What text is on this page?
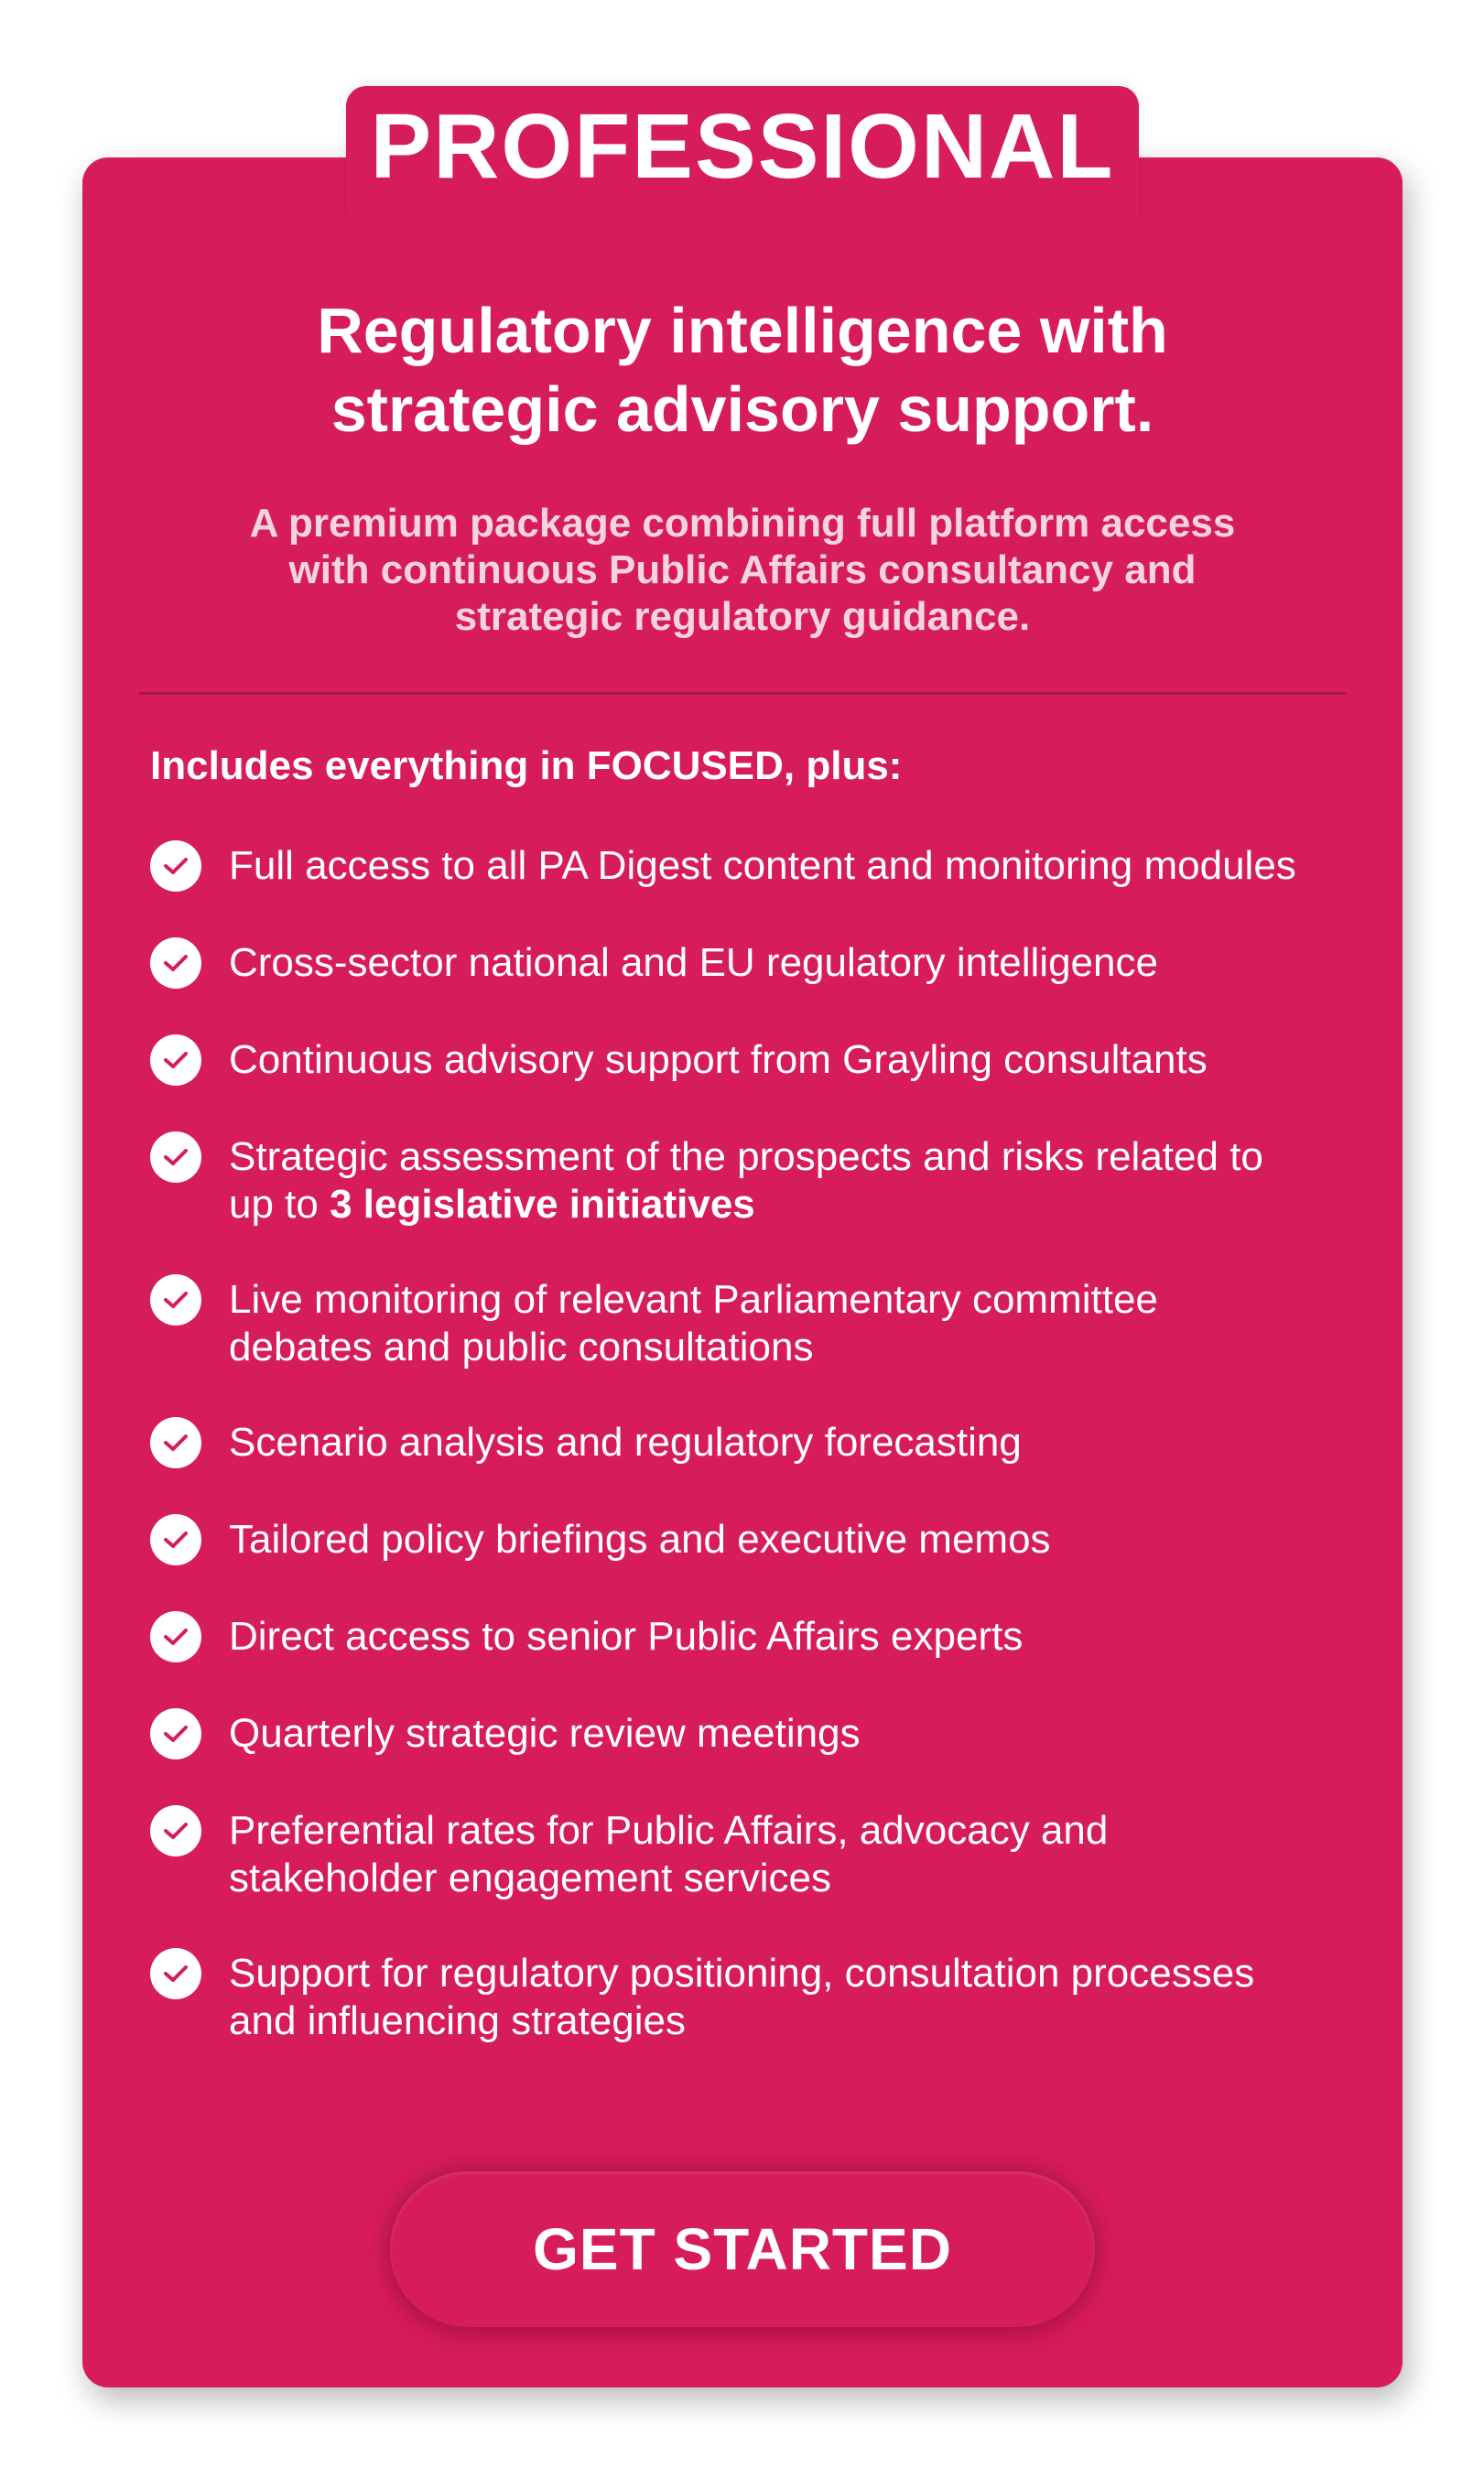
PROFESSIONAL
Regulatory intelligence with
strategic advisory support.
A premium package combining full platform access
with continuous Public Affairs consultancy and
strategic regulatory guidance.
Includes everything in FOCUSED, plus:
Full access to all PA Digest content and monitoring modules
Cross-sector national and EU regulatory intelligence
Continuous advisory support from Grayling consultants
Strategic assessment of the prospects and risks related to
up to 3 legislative initiatives
Live monitoring of relevant Parliamentary committee
debates and public consultations
Scenario analysis and regulatory forecasting
Tailored policy briefings and executive memos
Direct access to senior Public Affairs experts
Quarterly strategic review meetings
Preferential rates for Public Affairs, advocacy and
stakeholder engagement services
Support for regulatory positioning, consultation processes
and influencing strategies
GET STARTED
